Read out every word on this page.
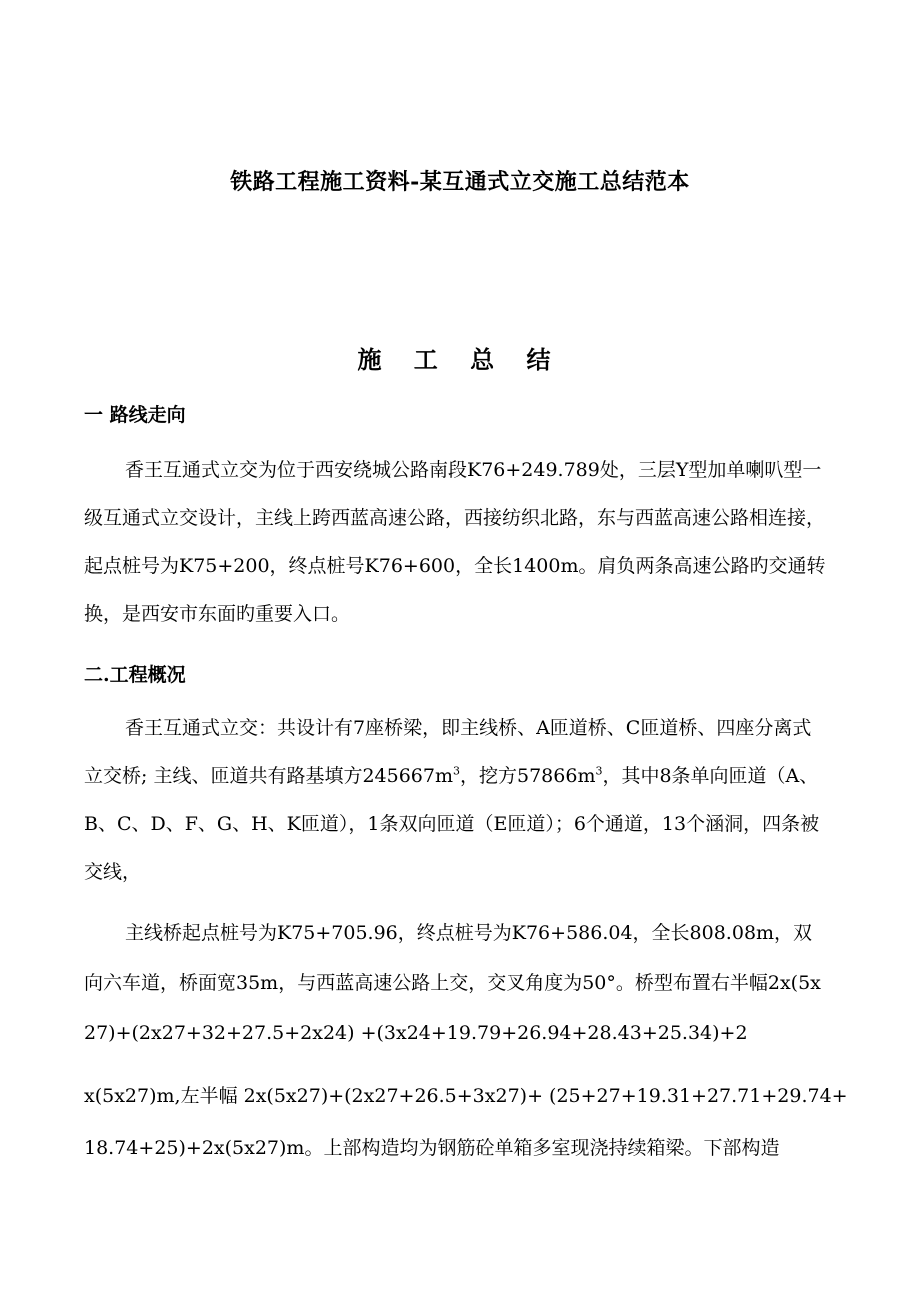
铁路工程施工资料-某互通式立交施工总结范本
施 工 总 结
一 路线走向
香王互通式立交为位于西安绕城公路南段K76+249.789处，三层Y型加单喇叭型一级互通式立交设计，主线上跨西蓝高速公路，西接纺织北路，东与西蓝高速公路相连接，起点桩号为K75+200，终点桩号K76+600，全长1400m。肩负两条高速公路旳交通转换，是西安市东面旳重要入口。
二.工程概况
香王互通式立交：共设计有7座桥梁，即主线桥、A匝道桥、C匝道桥、四座分离式立交桥; 主线、匝道共有路基填方$245667m^3$，挖方$57866m^3$，其中8条单向匝道（A、B、C、D、F、G、H、K匝道），1条双向匝道（E匝道）；6个通道，13个涵洞，四条被交线，
主线桥起点桩号为K75+705.96，终点桩号为K76+586.04，全长808.08m，双向六车道，桥面宽35m，与西蓝高速公路上交，交叉角度为50°。桥型布置右半幅2x(5x27)+(2x27+32+27.5+2x24) +(3x24+19.79+26.94+28.43+25.34)+2
x(5x27)m,左半幅 2x(5x27)+(2x27+26.5+3x27)+ (25+27+19.31+27.71+29.74+
18.74+25)+2x(5x27)m。上部构造均为钢筋砼单箱多室现浇持续箱梁。下部构造
